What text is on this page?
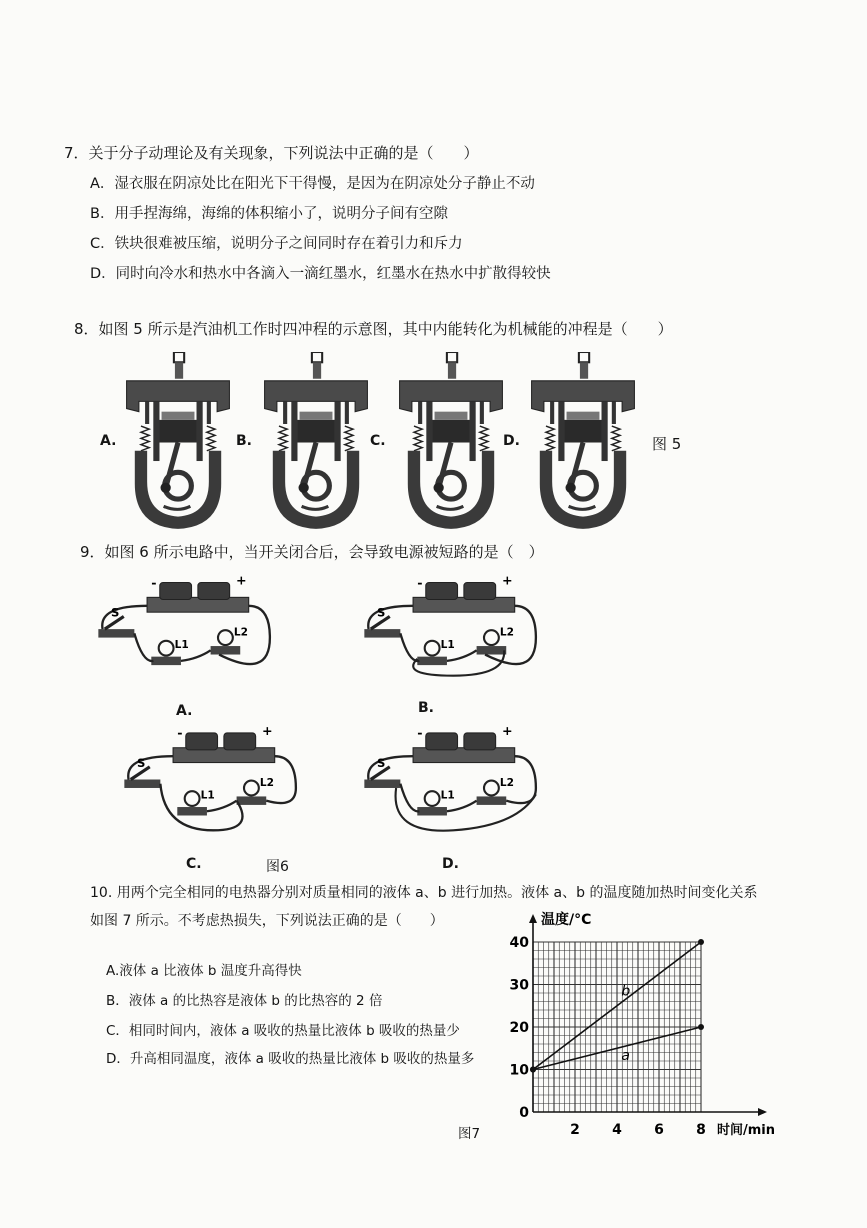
7．关于分子动理论及有关现象，下列说法中正确的是（　　）
A．湿衣服在阴凉处比在阳光下干得慢，是因为在阴凉处分子静止不动
B．用手捏海绵，海绵的体积缩小了，说明分子间有空隙
C．铁块很难被压缩，说明分子之间同时存在着引力和斥力
D．同时向冷水和热水中各滴入一滴红墨水，红墨水在热水中扩散得较快
8．如图 5 所示是汽油机工作时四冲程的示意图，其中内能转化为机械能的冲程是（　　）
A.	B.	C.	D.	图 5
9．如图 6 所示电路中，当开关闭合后，会导致电源被短路的是（　）
-	+
S
L1
L2
-	+
S
L1
L2
-	+
S
L1
L2
-	+
S
L1
L2
A.	B.
C.	图6	D.
10. 用两个完全相同的电热器分别对质量相同的液体 a、b 进行加热。液体 a、b 的温度随加热时间变化关系
如图 7 所示。不考虑热损失，下列说法正确的是（　　）
A.液体 a 比液体 b 温度升高得快
B．液体 a 的比热容是液体 b 的比热容的 2 倍
C．相同时间内，液体 a 吸收的热量比液体 b 吸收的热量少
D．升高相同温度，液体 a 吸收的热量比液体 b 吸收的热量多
图7
0
10
20
30
40
2 4 6 8
b
a
温度/°C
时间/min
